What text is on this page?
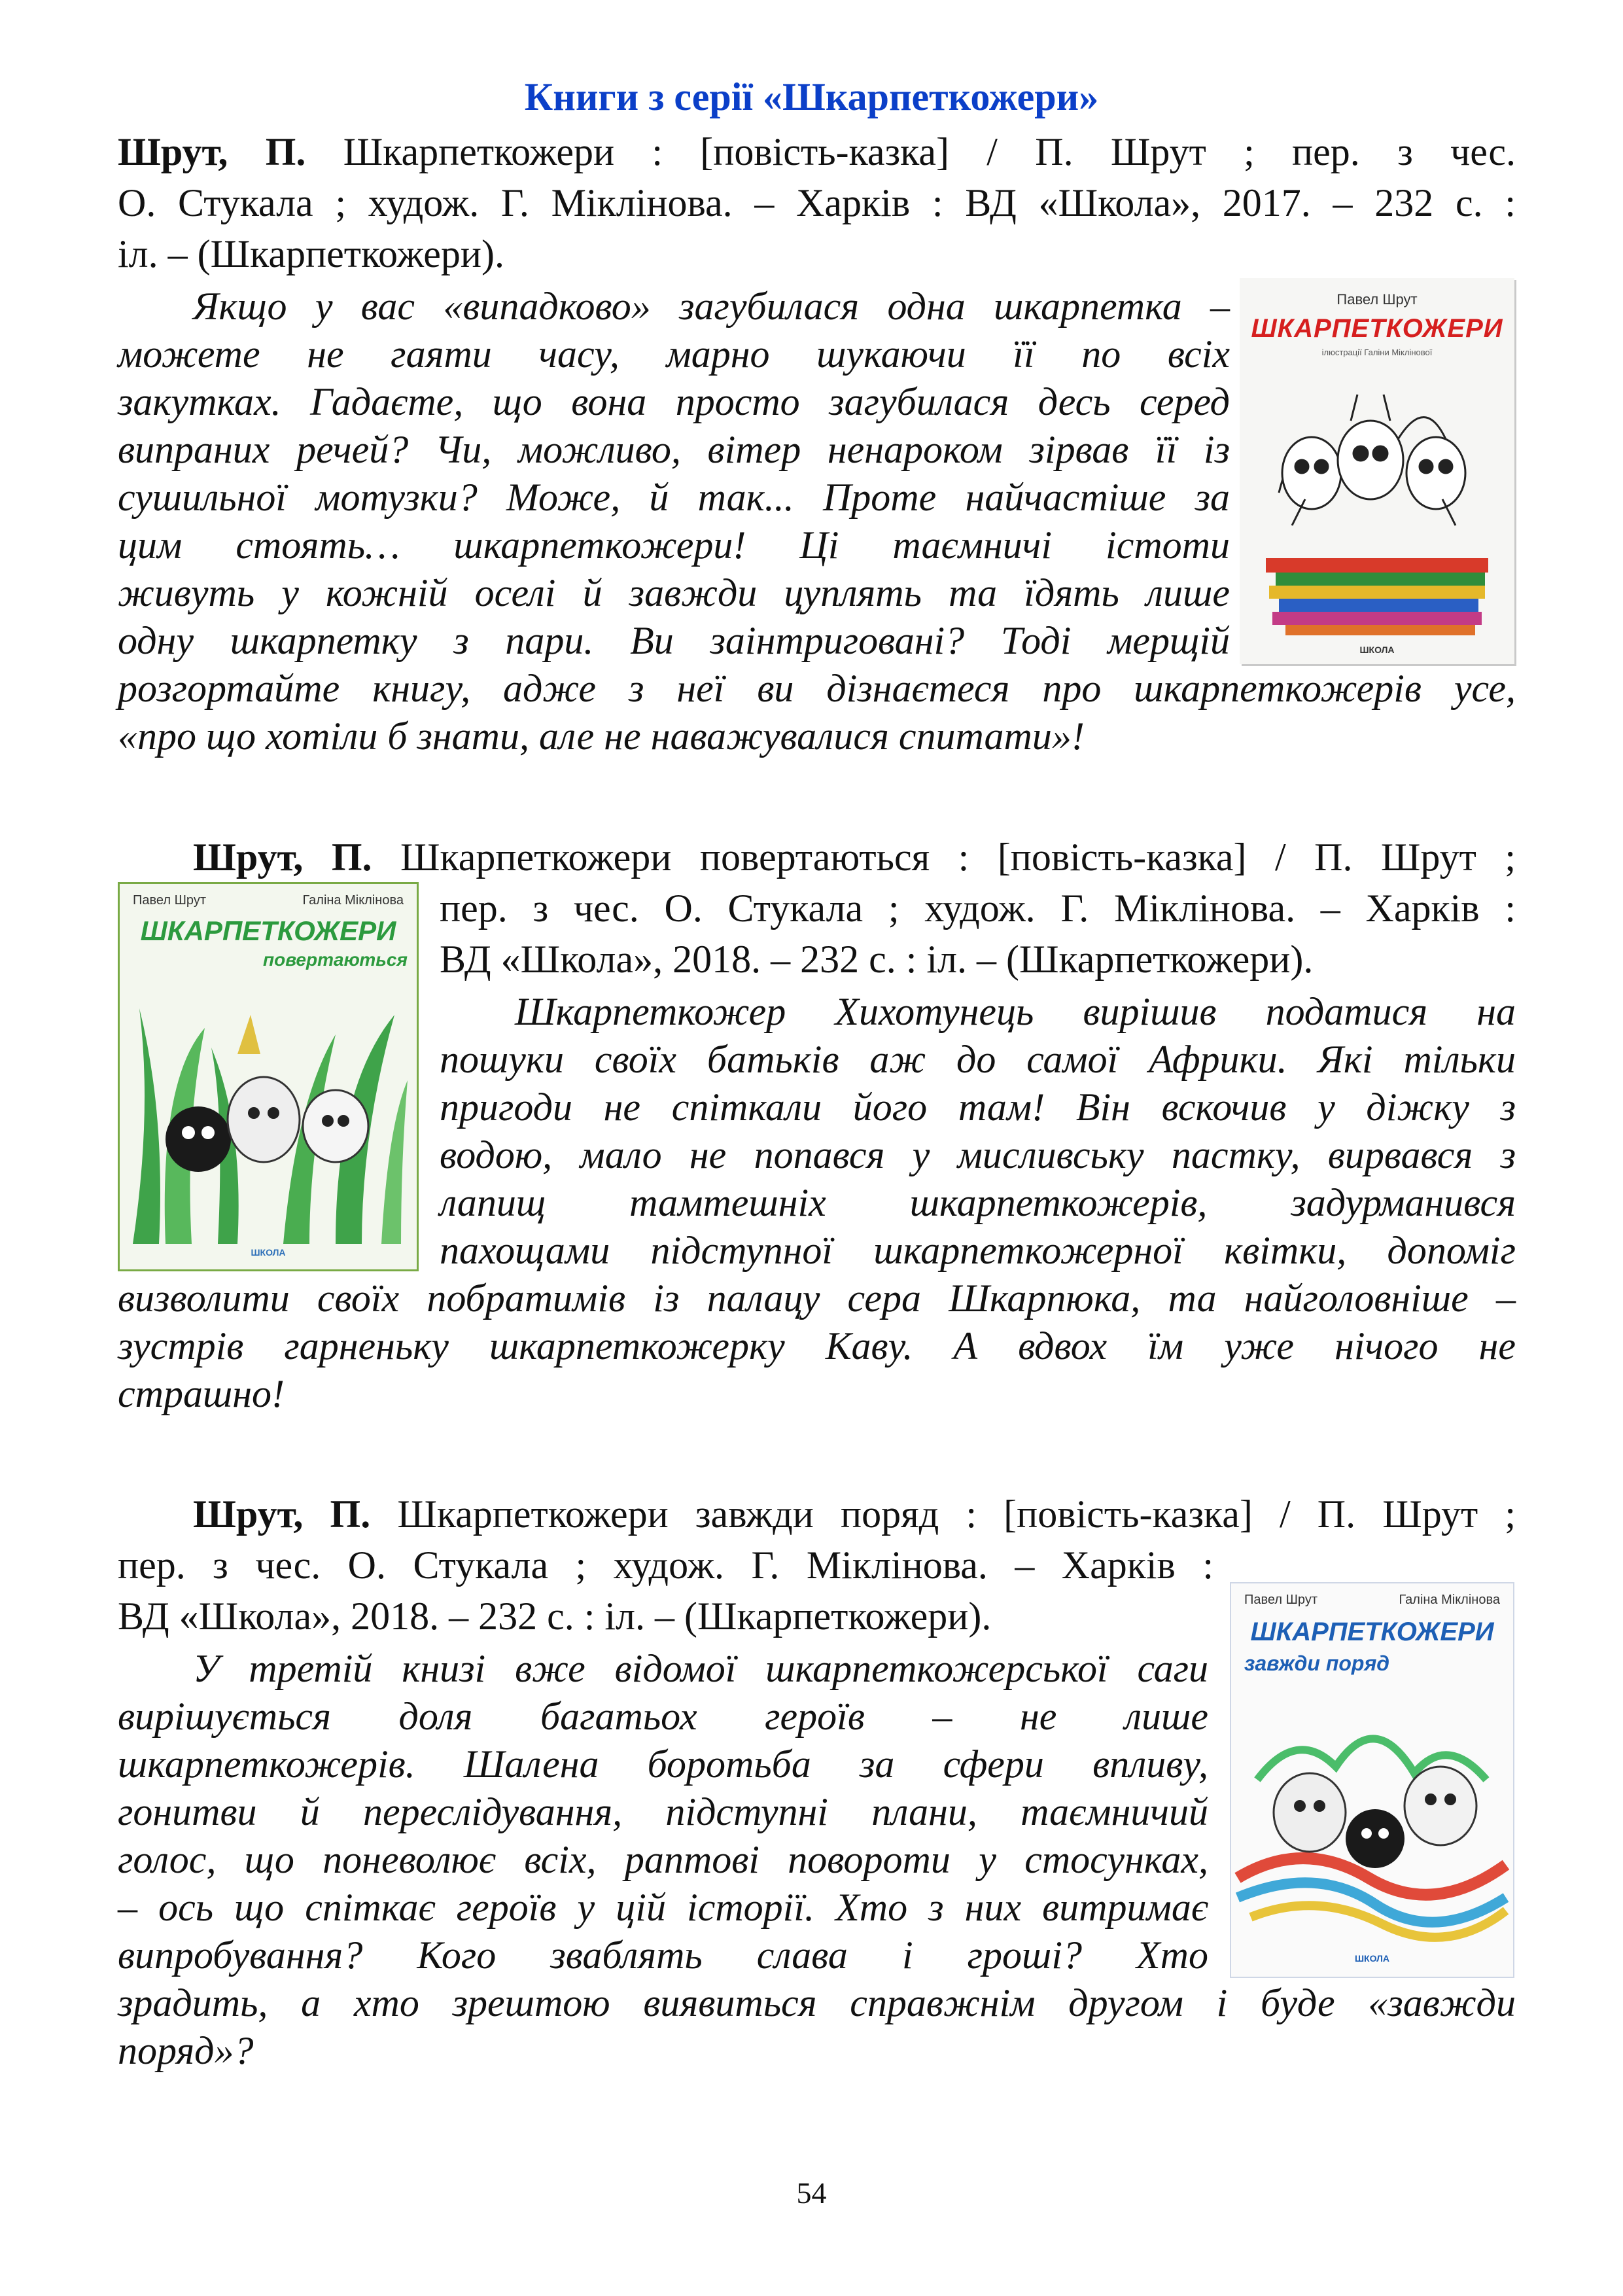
Книги з серії «Шкарпеткожери»
Шрут, П. Шкарпеткожери : [повість-казка] / П. Шрут ; пер. з чес.
О. Стукала ; худож. Г. Міклінова. – Харків : ВД «Школа», 2017. – 232 с. :
іл. – (Шкарпеткожери).
Якщо у вас «випадково» загубилася одна шкарпетка –
можете не гаяти часу, марно шукаючи її по всіх
закутках. Гадаєте, що вона просто загубилася десь серед
випраних речей? Чи, можливо, вітер ненароком зірвав її із
сушильної мотузки? Може, й так... Проте найчастіше за
цим стоять… шкарпеткожери! Ці таємничі істоти
живуть у кожній оселі й завжди цуплять та їдять лише
одну шкарпетку з пари. Ви заінтриговані? Тоді мерщій
розгортайте книгу, адже з неї ви дізнаєтеся про шкарпеткожерів усе,
«про що хотіли б знати, але не наважувалися спитати»!
Павел Шрут
ШКАРПЕТКОЖЕРИ
ілюстрації Галіни Міклінової
ШКОЛА
Шрут, П. Шкарпеткожери повертаються : [повість-казка] / П. Шрут ;
пер. з чес. О. Стукала ; худож. Г. Міклінова. – Харків :
ВД «Школа», 2018. – 232 с. : іл. – (Шкарпеткожери).
Шкарпеткожер Хихотунець вирішив податися на
пошуки своїх батьків аж до самої Африки. Які тільки
пригоди не спіткали його там! Він вскочив у діжку з
водою, мало не попався у мисливську пастку, вирвався з
лапищ тамтешніх шкарпеткожерів, задурманився
пахощами підступної шкарпеткожерної квітки, допоміг
визволити своїх побратимів із палацу сера Шкарпюка, та найголовніше –
зустрів гарненьку шкарпеткожерку Каву. А вдвох їм уже нічого не
страшно!
Павел Шрут	Галіна Міклінова
ШКАРПЕТКОЖЕРИ
повертаються
ШКОЛА
Шрут, П. Шкарпеткожери завжди поряд : [повість-казка] / П. Шрут ;
пер. з чес. О. Стукала ; худож. Г. Міклінова. – Харків :
ВД «Школа», 2018. – 232 с. : іл. – (Шкарпеткожери).
У третій книзі вже відомої шкарпеткожерської саги
вирішується доля багатьох героїв – не лише
шкарпеткожерів. Шалена боротьба за сфери впливу,
гонитви й переслідування, підступні плани, таємничий
голос, що поневолює всіх, раптові повороти у стосунках,
– ось що спіткає героїв у цій історії. Хто з них витримає
випробування? Кого зваблять слава і гроші? Хто
зрадить, а хто зрештою виявиться справжнім другом і буде «завжди
поряд»?
Павел Шрут	Галіна Міклінова
ШКАРПЕТКОЖЕРИ
завжди поряд
ШКОЛА
54
